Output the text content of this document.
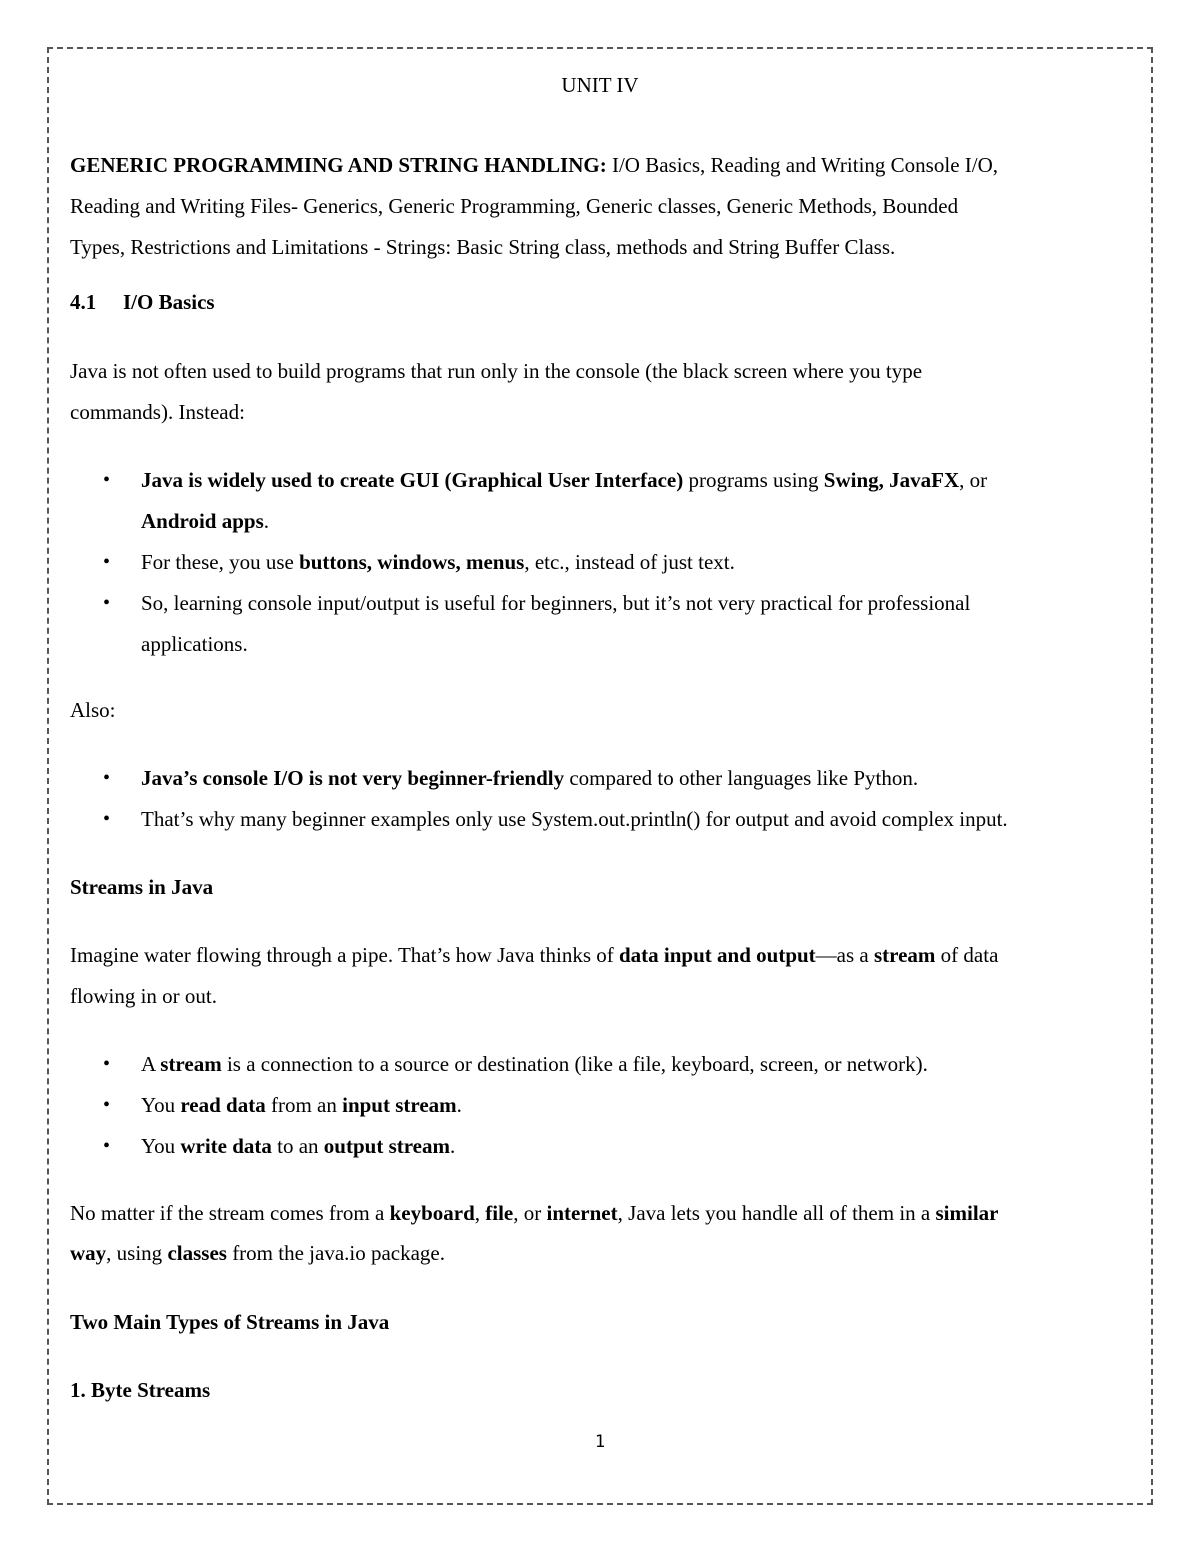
UNIT IV

GENERIC PROGRAMMING AND STRING HANDLING: I/O Basics, Reading and Writing Console I/O,

Reading and Writing Files- Generics, Generic Programming, Generic classes, Generic Methods, Bounded

Types, Restrictions and Limitations - Strings: Basic String class, methods and String Buffer Class.

4.1 I/O Basics

Java is not often used to build programs that run only in the console (the black screen where you type

commands). Instead:

• Java is widely used to create GUI (Graphical User Interface) programs using Swing, JavaFX, or
Android apps.
• For these, you use buttons, windows, menus, etc., instead of just text.
• So, learning console input/output is useful for beginners, but it’s not very practical for professional
applications.

Also:

• Java’s console I/O is not very beginner-friendly compared to other languages like Python.
• That’s why many beginner examples only use System.out.println() for output and avoid complex input.

Streams in Java

Imagine water flowing through a pipe. That’s how Java thinks of data input and output—as a stream of data

flowing in or out.

• A stream is a connection to a source or destination (like a file, keyboard, screen, or network).
• You read data from an input stream.
• You write data to an output stream.

No matter if the stream comes from a keyboard, file, or internet, Java lets you handle all of them in a similar

way, using classes from the java.io package.

Two Main Types of Streams in Java

1. Byte Streams

1
